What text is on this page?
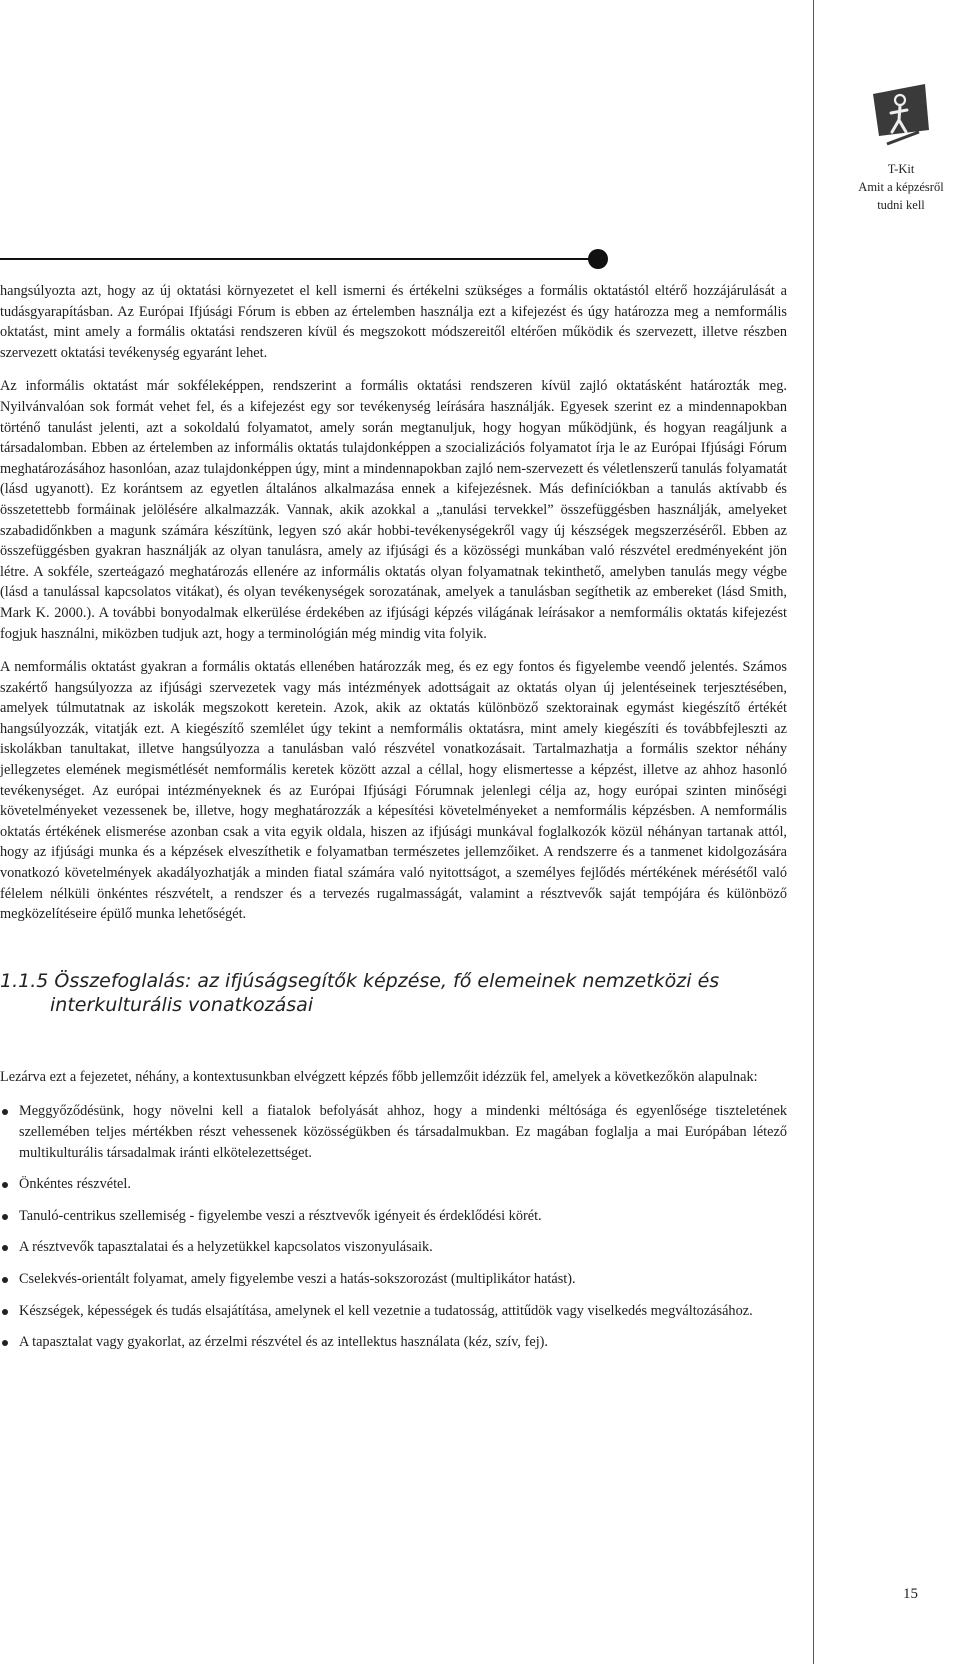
T-Kit
Amit a képzésről
tudni kell

hangsúlyozta azt, hogy az új oktatási környezetet el kell ismerni és értékelni szükséges a formális oktatástól eltérő hozzájárulását a tudásgyarapításban. Az Európai Ifjúsági Fórum is ebben az értelemben használja ezt a kifejezést és úgy határozza meg a nemformális oktatást, mint amely a formális oktatási rendszeren kívül és megszokott módszereitől eltérően működik és szervezett, illetve részben szervezett oktatási tevékenység egyaránt lehet.

Az informális oktatást már sokféleképpen, rendszerint a formális oktatási rendszeren kívül zajló oktatásként határozták meg. Nyilvánvalóan sok formát vehet fel, és a kifejezést egy sor tevékenység leírására használják. Egyesek szerint ez a mindennapokban történő tanulást jelenti, azt a sokoldalú folyamatot, amely során megtanuljuk, hogy hogyan működjünk, és hogyan reagáljunk a társadalomban. Ebben az értelemben az informális oktatás tulajdonképpen a szocializációs folyamatot írja le az Európai Ifjúsági Fórum meghatározásához hasonlóan, azaz tulajdonképpen úgy, mint a mindennapokban zajló nem-szervezett és véletlenszerű tanulás folyamatát (lásd ugyanott). Ez korántsem az egyetlen általános alkalmazása ennek a kifejezésnek. Más definíciókban a tanulás aktívabb és összetettebb formáinak jelölésére alkalmazzák. Vannak, akik azokkal a „tanulási tervekkel” összefüggésben használják, amelyeket szabadidőnkben a magunk számára készítünk, legyen szó akár hobbi-tevékenységekről vagy új készségek megszerzéséről. Ebben az összefüggésben gyakran használják az olyan tanulásra, amely az ifjúsági és a közösségi munkában való részvétel eredményeként jön létre. A sokféle, szerteágazó meghatározás ellenére az informális oktatás olyan folyamatnak tekinthető, amelyben tanulás megy végbe (lásd a tanulással kapcsolatos vitákat), és olyan tevékenységek sorozatának, amelyek a tanulásban segíthetik az embereket (lásd Smith, Mark K. 2000.). A további bonyodalmak elkerülése érdekében az ifjúsági képzés világának leírásakor a nemformális oktatás kifejezést fogjuk használni, miközben tudjuk azt, hogy a terminológián még mindig vita folyik.

A nemformális oktatást gyakran a formális oktatás ellenében határozzák meg, és ez egy fontos és figyelembe veendő jelentés. Számos szakértő hangsúlyozza az ifjúsági szervezetek vagy más intézmények adottságait az oktatás olyan új jelentéseinek terjesztésében, amelyek túlmutatnak az iskolák megszokott keretein. Azok, akik az oktatás különböző szektorainak egymást kiegészítő értékét hangsúlyozzák, vitatják ezt. A kiegészítő szemlélet úgy tekint a nemformális oktatásra, mint amely kiegészíti és továbbfejleszti az iskolákban tanultakat, illetve hangsúlyozza a tanulásban való részvétel vonatkozásait. Tartalmazhatja a formális szektor néhány jellegzetes elemének megismétlését nemformális keretek között azzal a céllal, hogy elismertesse a képzést, illetve az ahhoz hasonló tevékenységet. Az európai intézményeknek és az Európai Ifjúsági Fórumnak jelenlegi célja az, hogy európai szinten minőségi követelményeket vezessenek be, illetve, hogy meghatározzák a képesítési követelményeket a nemformális képzésben. A nemformális oktatás értékének elismerése azonban csak a vita egyik oldala, hiszen az ifjúsági munkával foglalkozók közül néhányan tartanak attól, hogy az ifjúsági munka és a képzések elveszíthetik e folyamatban természetes jellemzőiket. A rendszerre és a tanmenet kidolgozására vonatkozó követelmények akadályozhatják a minden fiatal számára való nyitottságot, a személyes fejlődés mértékének mérésétől való félelem nélküli önkéntes részvételt, a rendszer és a tervezés rugalmasságát, valamint a résztvevők saját tempójára és különböző megközelítéseire épülő munka lehetőségét.

1.1.5 Összefoglalás: az ifjúságsegítők képzése, fő elemeinek nemzetközi és interkulturális vonatkozásai

Lezárva ezt a fejezetet, néhány, a kontextusunkban elvégzett képzés főbb jellemzőit idézzük fel, amelyek a következőkön alapulnak:

Meggyőződésünk, hogy növelni kell a fiatalok befolyását ahhoz, hogy a mindenki méltósága és egyenlősége tiszteletének szellemében teljes mértékben részt vehessenek közösségükben és társadalmukban. Ez magában foglalja a mai Európában létező multikulturális társadalmak iránti elkötelezettséget.
Önkéntes részvétel.
Tanuló-centrikus szellemiség - figyelembe veszi a résztvevők igényeit és érdeklődési körét.
A résztvevők tapasztalatai és a helyzetükkel kapcsolatos viszonyulásaik.
Cselekvés-orientált folyamat, amely figyelembe veszi a hatás-sokszorozást (multiplikátor hatást).
Készségek, képességek és tudás elsajátítása, amelynek el kell vezetnie a tudatosság, attitűdök vagy viselkedés megváltozásához.
A tapasztalat vagy gyakorlat, az érzelmi részvétel és az intellektus használata (kéz, szív, fej).
15
